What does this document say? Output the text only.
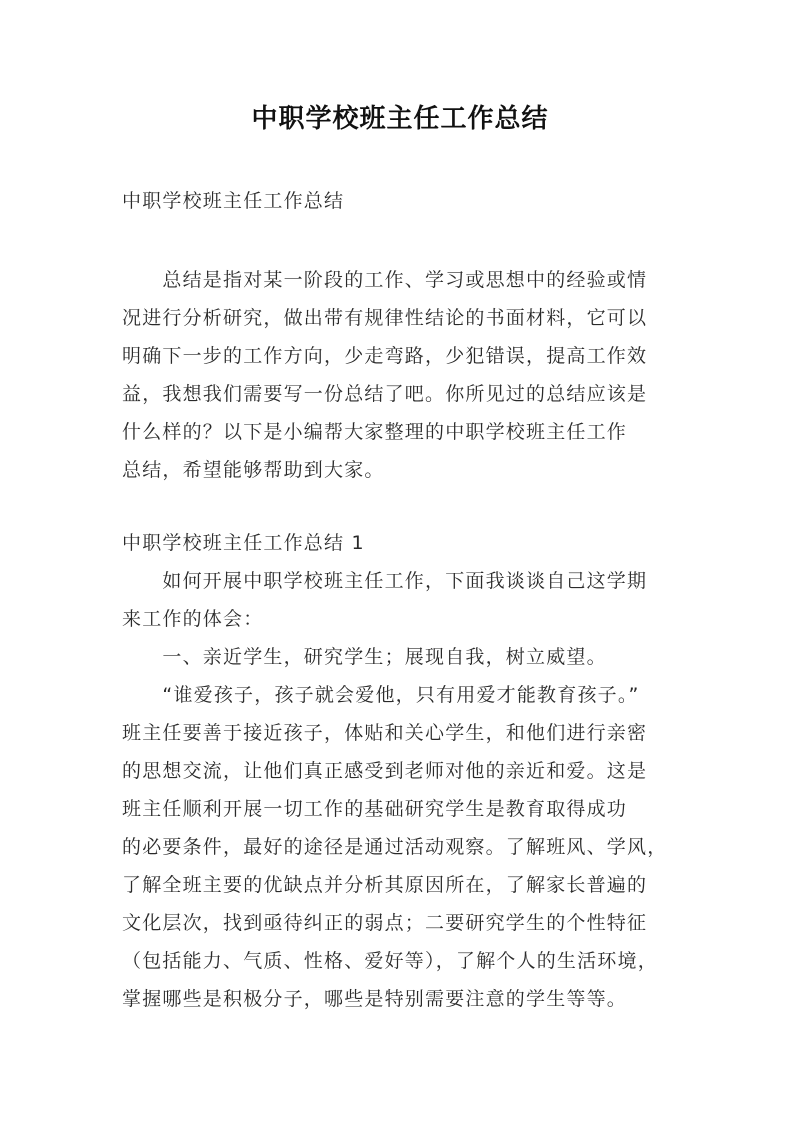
中职学校班主任工作总结
中职学校班主任工作总结
　　总结是指对某一阶段的工作、学习或思想中的经验或情
况进行分析研究，做出带有规律性结论的书面材料，它可以
明确下一步的工作方向，少走弯路，少犯错误，提高工作效
益，我想我们需要写一份总结了吧。你所见过的总结应该是
什么样的？以下是小编帮大家整理的中职学校班主任工作
总结，希望能够帮助到大家。
中职学校班主任工作总结 1
　　如何开展中职学校班主任工作，下面我谈谈自己这学期
来工作的体会：
　　一、亲近学生，研究学生；展现自我，树立威望。
　　“谁爱孩子，孩子就会爱他，只有用爱才能教育孩子。”
班主任要善于接近孩子，体贴和关心学生，和他们进行亲密
的思想交流，让他们真正感受到老师对他的亲近和爱。这是
班主任顺利开展一切工作的基础研究学生是教育取得成功
的必要条件，最好的途径是通过活动观察。了解班风、学风，
了解全班主要的优缺点并分析其原因所在，了解家长普遍的
文化层次，找到亟待纠正的弱点；二要研究学生的个性特征
（包括能力、气质、性格、爱好等），了解个人的生活环境，
掌握哪些是积极分子，哪些是特别需要注意的学生等等。
